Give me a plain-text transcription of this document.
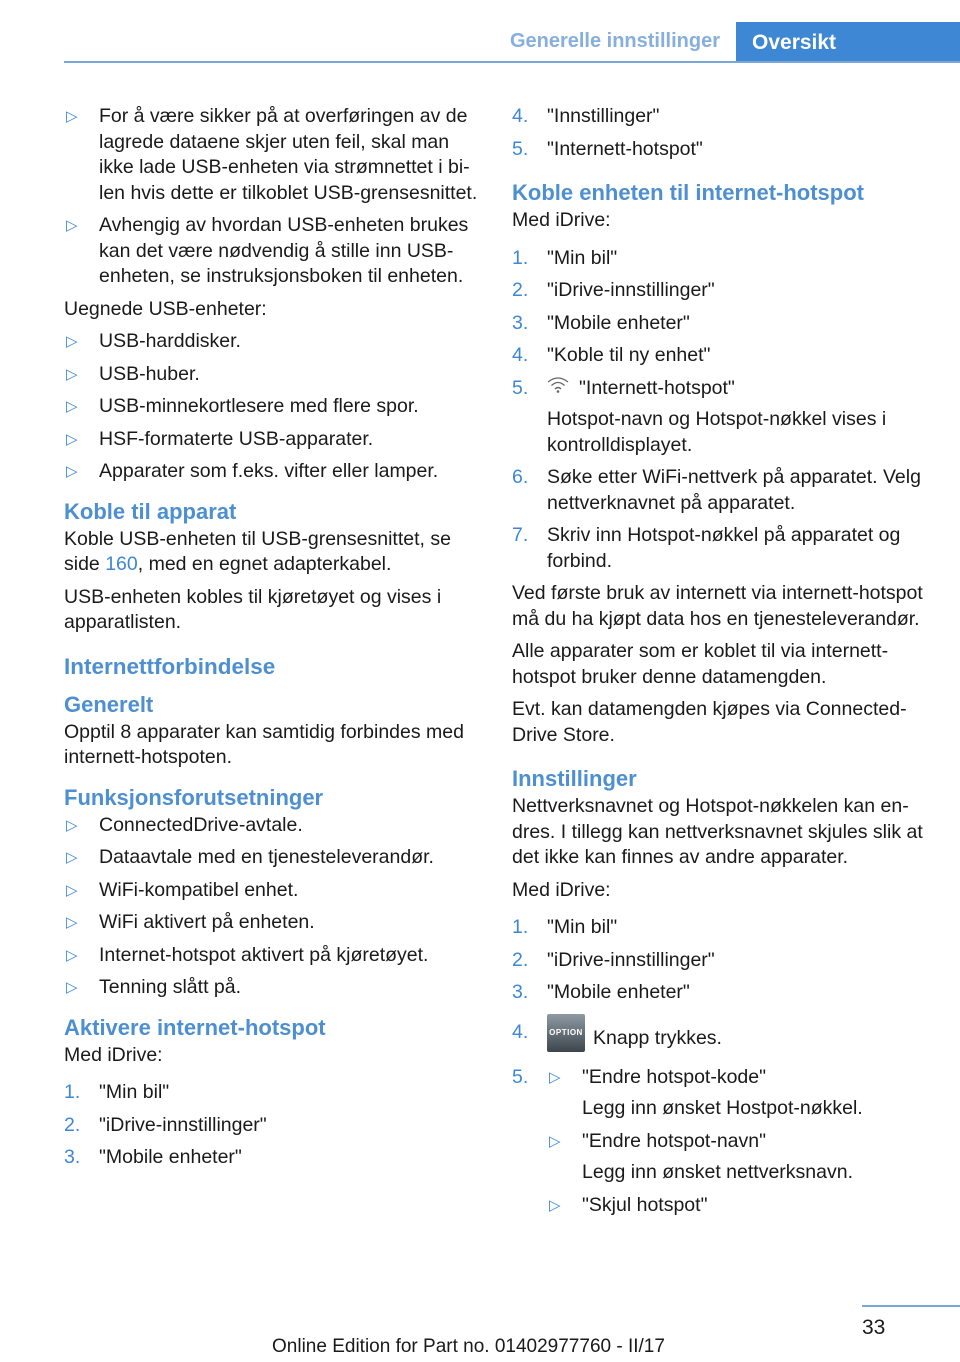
Generelle innstillinger	Oversikt
▷ For å være sikker på at overføringen av de lagrede dataene skjer uten feil, skal man ikke lade USB-enheten via strømnettet i bilen hvis dette er tilkoblet USB-grensesnittet.
▷ Avhengig av hvordan USB-enheten brukes kan det være nødvendig å stille inn USB-enheten, se instruksjonsboken til enheten.

Uegnede USB-enheter:

▷ USB-harddisker.
▷ USB-huber.
▷ USB-minnekortlesere med flere spor.
▷ HSF-formaterte USB-apparater.
▷ Apparater som f.eks. vifter eller lamper.
Koble til apparat

Koble USB-enheten til USB-grensesnittet, se side 160, med en egnet adapterkabel.

USB-enheten kobles til kjøretøyet og vises i apparatlisten.

Internettforbindelse
Generelt

Opptil 8 apparater kan samtidig forbindes med internett-hotspoten.

Funksjonsforutsetninger
▷ ConnectedDrive-avtale.
▷ Dataavtale med en tjenesteleverandør.
▷ WiFi-kompatibel enhet.
▷ WiFi aktivert på enheten.
▷ Internet-hotspot aktivert på kjøretøyet.
▷ Tenning slått på.
Aktivere internet-hotspot

Med iDrive:

1. "Min bil"
2. "iDrive-innstillinger"
3. "Mobile enheter"
4. "Innstillinger"
5. "Internett-hotspot"
Koble enheten til internet-hotspot

Med iDrive:

1. "Min bil"
2. "iDrive-innstillinger"
3. "Mobile enheter"
4. "Koble til ny enhet"
5.	"Internett-hotspot"
Hotspot-navn og Hotspot-nøkkel vises i kontrolldisplayet.
6. Søke etter WiFi-nettverk på apparatet. Velg nettverknavnet på apparatet.
7. Skriv inn Hotspot-nøkkel på apparatet og forbind.

Ved første bruk av internett via internett-hotspot må du ha kjøpt data hos en tjenesteleverandør.

Alle apparater som er koblet til via internett-hotspot bruker denne datamengden.

Evt. kan datamengden kjøpes via ConnectedDrive Store.

Innstillinger

Nettverksnavnet og Hotspot-nøkkelen kan endres. I tillegg kan nettverksnavnet skjules slik at det ikke kan finnes av andre apparater.

Med iDrive:

1. "Min bil"
2. "iDrive-innstillinger"
3. "Mobile enheter"
4.	OPTION Knapp trykkes.
5. ▷ "Endre hotspot-kode"
Legg inn ønsket Hostpot-nøkkel.
▷ "Endre hotspot-navn"
Legg inn ønsket nettverksnavn.
▷ "Skjul hotspot"
33
Online Edition for Part no. 01402977760 - II/17
